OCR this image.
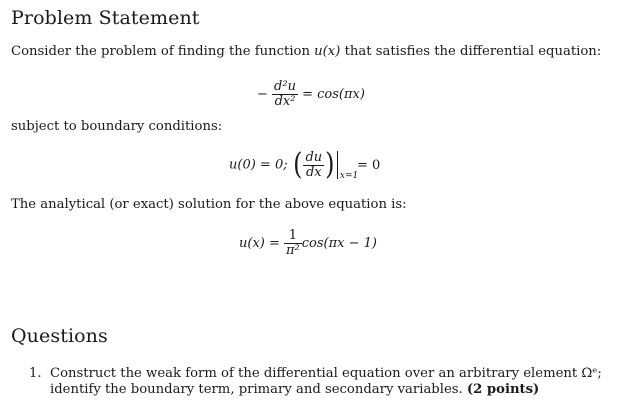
Problem Statement
Consider the problem of finding the function u(x) that satisfies the differential equation:
− $\frac{\text{d²u}}{\text{dx²}} = \cos(\pi x)$
subject to boundary conditions:
u(0) = 0; ( $\frac{du}{dx}$ ) x=1
= 0
The analytical (or exact) solution for the above equation is:
$u(x) = \frac{1}{\text{π²}} \cos(\pi x - 1)$
Questions
1. Construct the weak form of the differential equation over an arbitrary element Ωᵉ;
identify the boundary term, primary and secondary variables. (2 points)
